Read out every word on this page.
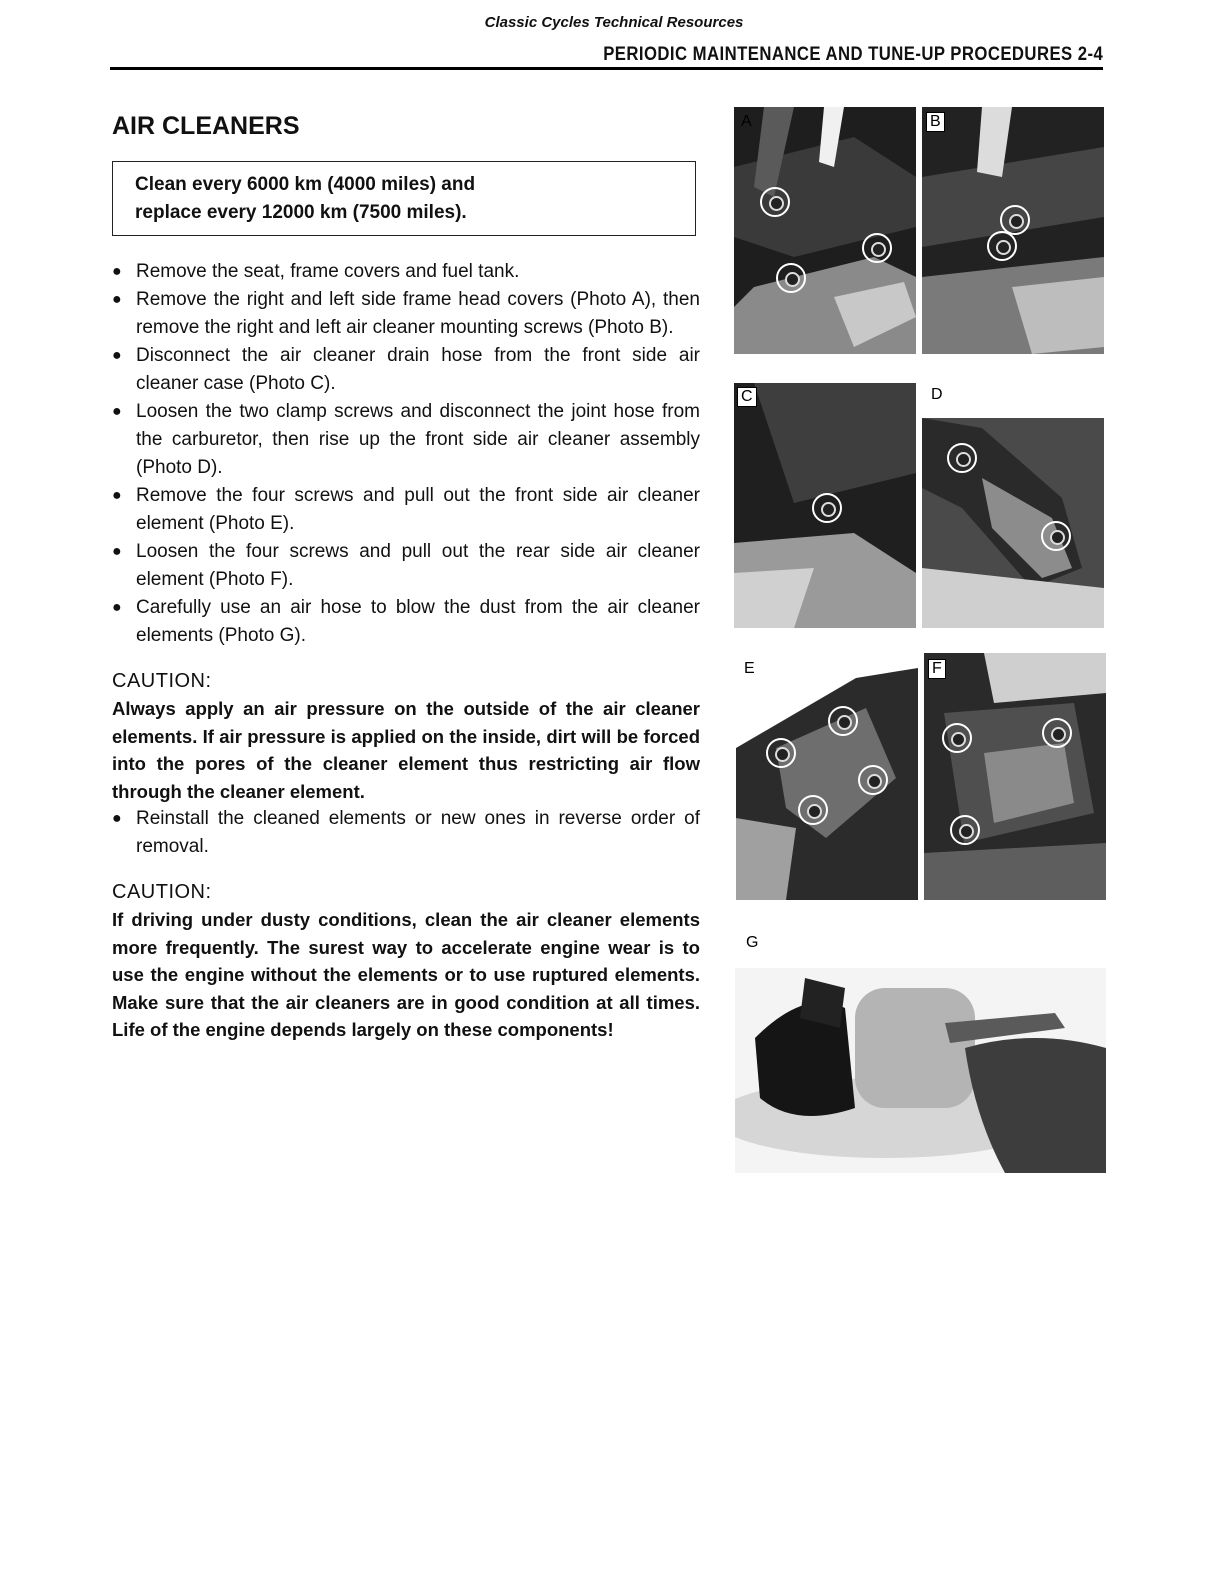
Classic Cycles Technical Resources
PERIODIC MAINTENANCE AND TUNE-UP PROCEDURES 2-4
AIR CLEANERS
Clean every 6000 km (4000 miles) and
replace every 12000 km (7500 miles).
● Remove the seat, frame covers and fuel tank.
● Remove the right and left side frame head covers (Photo A), then remove the right and left air cleaner mounting screws (Photo B).
● Disconnect the air cleaner drain hose from the front side air cleaner case (Photo C).
● Loosen the two clamp screws and disconnect the joint hose from the carburetor, then rise up the front side air cleaner assembly (Photo D).
● Remove the four screws and pull out the front side air cleaner element (Photo E).
● Loosen the four screws and pull out the rear side air cleaner element (Photo F).
● Carefully use an air hose to blow the dust from the air cleaner elements (Photo G).
CAUTION:
Always apply an air pressure on the outside of the air cleaner elements. If air pressure is applied on the inside, dirt will be forced into the pores of the cleaner element thus restricting air flow through the cleaner element.
● Reinstall the cleaned elements or new ones in reverse order of removal.
CAUTION:
If driving under dusty conditions, clean the air cleaner elements more frequently. The surest way to accelerate engine wear is to use the engine without the elements or to use ruptured elements. Make sure that the air cleaners are in good condition at all times. Life of the engine depends largely on these components!
A	B
C	D
E	F
G
